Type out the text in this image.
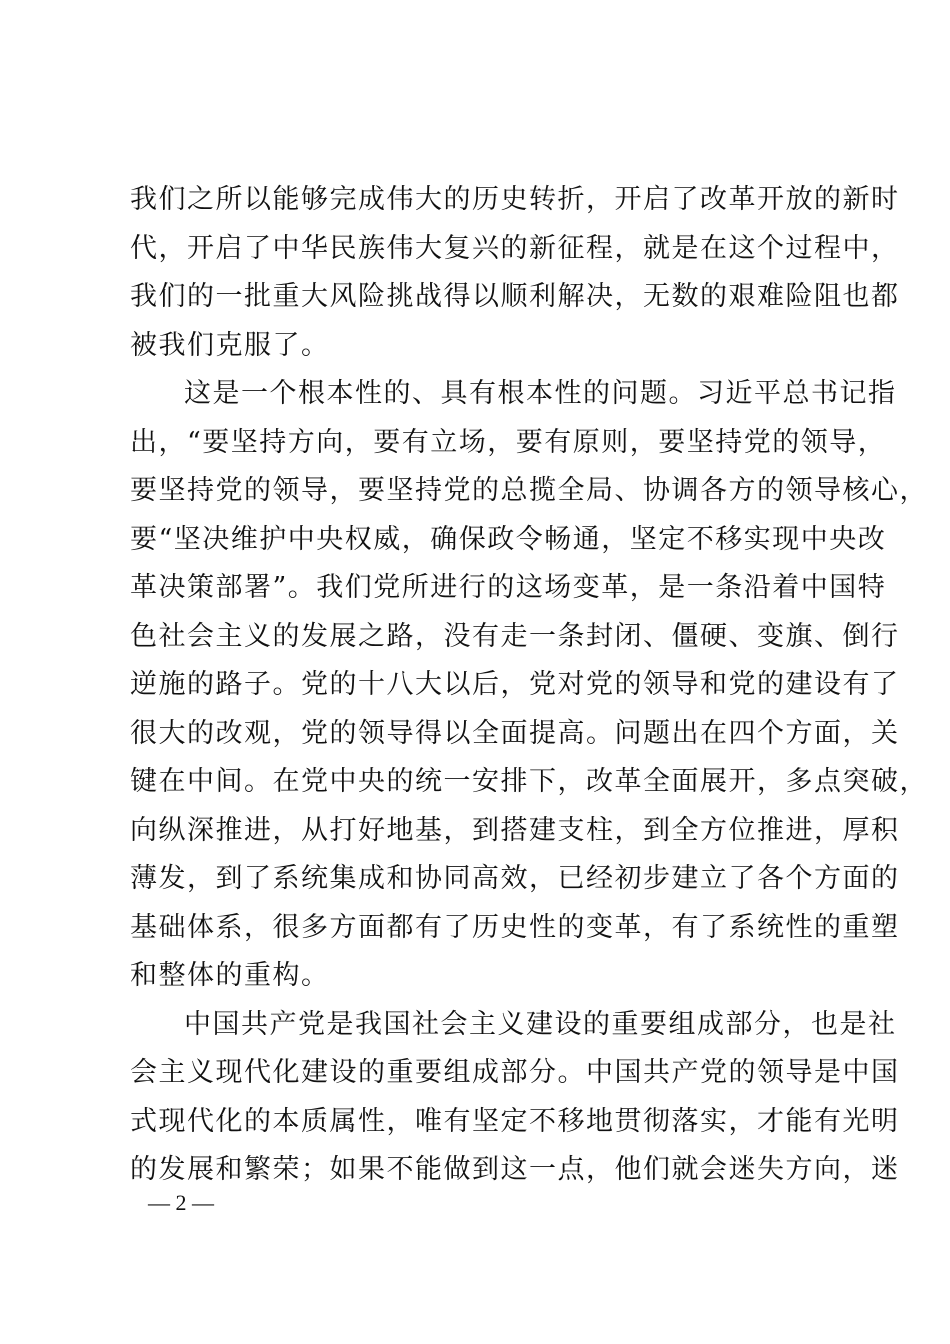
我们之所以能够完成伟大的历史转折，开启了改革开放的新时
代，开启了中华民族伟大复兴的新征程，就是在这个过程中，
我们的一批重大风险挑战得以顺利解决，无数的艰难险阻也都
被我们克服了。
这是一个根本性的、具有根本性的问题。习近平总书记指
出，“要坚持方向，要有立场，要有原则，要坚持党的领导，
要坚持党的领导，要坚持党的总揽全局、协调各方的领导核心，
要“坚决维护中央权威，确保政令畅通，坚定不移实现中央改
革决策部署”。我们党所进行的这场变革，是一条沿着中国特
色社会主义的发展之路，没有走一条封闭、僵硬、变旗、倒行
逆施的路子。党的十八大以后，党对党的领导和党的建设有了
很大的改观，党的领导得以全面提高。问题出在四个方面，关
键在中间。在党中央的统一安排下，改革全面展开，多点突破，
向纵深推进，从打好地基，到搭建支柱，到全方位推进，厚积
薄发，到了系统集成和协同高效，已经初步建立了各个方面的
基础体系，很多方面都有了历史性的变革，有了系统性的重塑
和整体的重构。
中国共产党是我国社会主义建设的重要组成部分，也是社
会主义现代化建设的重要组成部分。中国共产党的领导是中国
式现代化的本质属性，唯有坚定不移地贯彻落实，才能有光明
的发展和繁荣；如果不能做到这一点，他们就会迷失方向，迷
— 2 —
